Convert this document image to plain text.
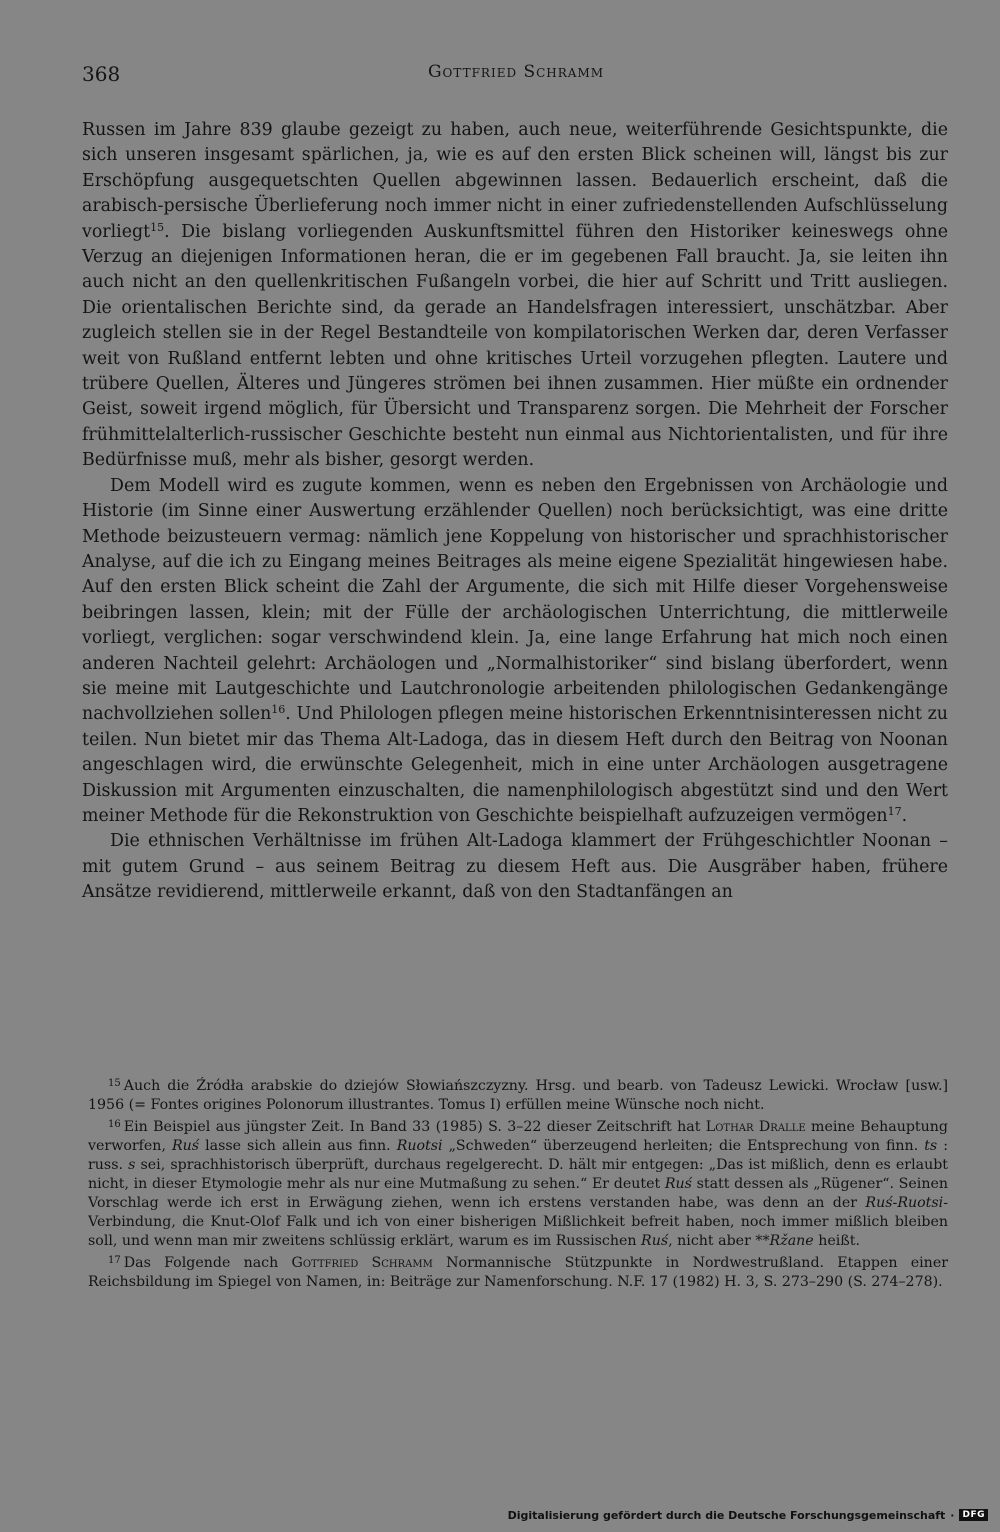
368	Gottfried Schramm

Russen im Jahre 839 glaube gezeigt zu haben, auch neue, weiterführende Gesichtspunkte, die sich unseren insgesamt spärlichen, ja, wie es auf den ersten Blick scheinen will, längst bis zur Erschöpfung ausgequetschten Quellen abgewinnen lassen. Bedauerlich erscheint, daß die arabisch-persische Überlieferung noch immer nicht in einer zufriedenstellenden Aufschlüsselung vorliegt$^{15}$. Die bislang vorliegenden Auskunftsmittel führen den Historiker keineswegs ohne Verzug an diejenigen Informationen heran, die er im gegebenen Fall braucht. Ja, sie leiten ihn auch nicht an den quellenkritischen Fußangeln vorbei, die hier auf Schritt und Tritt ausliegen. Die orientalischen Berichte sind, da gerade an Handelsfragen interessiert, unschätzbar. Aber zugleich stellen sie in der Regel Bestandteile von kompilatorischen Werken dar, deren Verfasser weit von Rußland entfernt lebten und ohne kritisches Urteil vorzugehen pflegten. Lautere und trübere Quellen, Älteres und Jüngeres strömen bei ihnen zusammen. Hier müßte ein ordnender Geist, soweit irgend möglich, für Übersicht und Transparenz sorgen. Die Mehrheit der Forscher frühmittelalterlich-russischer Geschichte besteht nun einmal aus Nichtorientalisten, und für ihre Bedürfnisse muß, mehr als bisher, gesorgt werden.

Dem Modell wird es zugute kommen, wenn es neben den Ergebnissen von Archäologie und Historie (im Sinne einer Auswertung erzählender Quellen) noch berücksichtigt, was eine dritte Methode beizusteuern vermag: nämlich jene Koppelung von historischer und sprachhistorischer Analyse, auf die ich zu Eingang meines Beitrages als meine eigene Spezialität hingewiesen habe. Auf den ersten Blick scheint die Zahl der Argumente, die sich mit Hilfe dieser Vorgehensweise beibringen lassen, klein; mit der Fülle der archäologischen Unterrichtung, die mittlerweile vorliegt, verglichen: sogar verschwindend klein. Ja, eine lange Erfahrung hat mich noch einen anderen Nachteil gelehrt: Archäologen und „Normalhistoriker“ sind bislang überfordert, wenn sie meine mit Lautgeschichte und Lautchronologie arbeitenden philologischen Gedankengänge nachvollziehen sollen$^{16}$. Und Philologen pflegen meine historischen Erkenntnisinteressen nicht zu teilen. Nun bietet mir das Thema Alt-Ladoga, das in diesem Heft durch den Beitrag von Noonan angeschlagen wird, die erwünschte Gelegenheit, mich in eine unter Archäologen ausgetragene Diskussion mit Argumenten einzuschalten, die namenphilologisch abgestützt sind und den Wert meiner Methode für die Rekonstruktion von Geschichte beispielhaft aufzuzeigen vermögen$^{17}$.

Die ethnischen Verhältnisse im frühen Alt-Ladoga klammert der Frühgeschichtler Noonan – mit gutem Grund – aus seinem Beitrag zu diesem Heft aus. Die Ausgräber haben, frühere Ansätze revidierend, mittlerweile erkannt, daß von den Stadtanfängen an

$^{15}$ Auch die Źródła arabskie do dziejów Słowiańszczyzny. Hrsg. und bearb. von Tadeusz Lewicki. Wrocław [usw.] 1956 (= Fontes origines Polonorum illustrantes. Tomus I) erfüllen meine Wünsche noch nicht.

$^{16}$ Ein Beispiel aus jüngster Zeit. In Band 33 (1985) S. 3–22 dieser Zeitschrift hat Lothar Dralle meine Behauptung verworfen, Ruś lasse sich allein aus finn. Ruotsi „Schweden“ überzeugend herleiten; die Entsprechung von finn. ts : russ. s sei, sprachhistorisch überprüft, durchaus regelgerecht. D. hält mir entgegen: „Das ist mißlich, denn es erlaubt nicht, in dieser Etymologie mehr als nur eine Mutmaßung zu sehen.“ Er deutet Ruś statt dessen als „Rügener“. Seinen Vorschlag werde ich erst in Erwägung ziehen, wenn ich erstens verstanden habe, was denn an der Ruś-Ruotsi-Verbindung, die Knut-Olof Falk und ich von einer bisherigen Mißlichkeit befreit haben, noch immer mißlich bleiben soll, und wenn man mir zweitens schlüssig erklärt, warum es im Russischen Ruś, nicht aber **Ržane heißt.

$^{17}$ Das Folgende nach Gottfried Schramm Normannische Stützpunkte in Nordwestrußland. Etappen einer Reichsbildung im Spiegel von Namen, in: Beiträge zur Namenforschung. N.F. 17 (1982) H. 3, S. 273–290 (S. 274–278).

Digitalisierung gefördert durch die Deutsche Forschungsgemeinschaft · DFG
